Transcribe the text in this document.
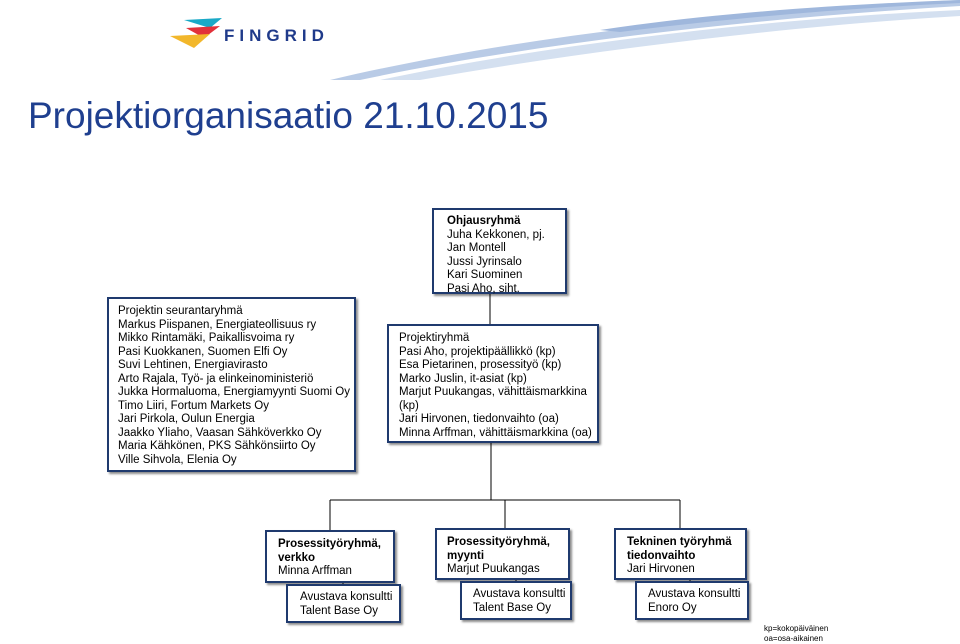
FINGRID
Projektiorganisaatio 21.10.2015
Ohjausryhmä
Juha Kekkonen, pj.
Jan Montell
Jussi Jyrinsalo
Kari Suominen
Pasi Aho, siht.
Projektin seurantaryhmä
Markus Piispanen, Energiateollisuus ry
Mikko Rintamäki, Paikallisvoima ry
Pasi Kuokkanen, Suomen Elfi Oy
Suvi Lehtinen, Energiavirasto
Arto Rajala, Työ- ja elinkeinoministeriö
Jukka Hormaluoma, Energiamyynti Suomi Oy
Timo Liiri, Fortum Markets Oy
Jari Pirkola, Oulun Energia
Jaakko Yliaho, Vaasan Sähköverkko Oy
Maria Kähkönen, PKS Sähkönsiirto Oy
Ville Sihvola, Elenia Oy
Projektiryhmä
Pasi Aho, projektipäällikkö (kp)
Esa Pietarinen, prosessityö (kp)
Marko Juslin, it-asiat (kp)
Marjut Puukangas, vähittäismarkkina
(kp)
Jari Hirvonen, tiedonvaihto (oa)
Minna Arffman, vähittäismarkkina (oa)
Prosessityöryhmä,
verkko
Minna Arffman
Prosessityöryhmä,
myynti
Marjut Puukangas
Tekninen työryhmä
tiedonvaihto
Jari Hirvonen
Avustava konsultti
Talent Base Oy
Avustava konsultti
Talent Base Oy
Avustava konsultti
Enoro Oy
kp=kokopäiväinen
oa=osa-aikainen
